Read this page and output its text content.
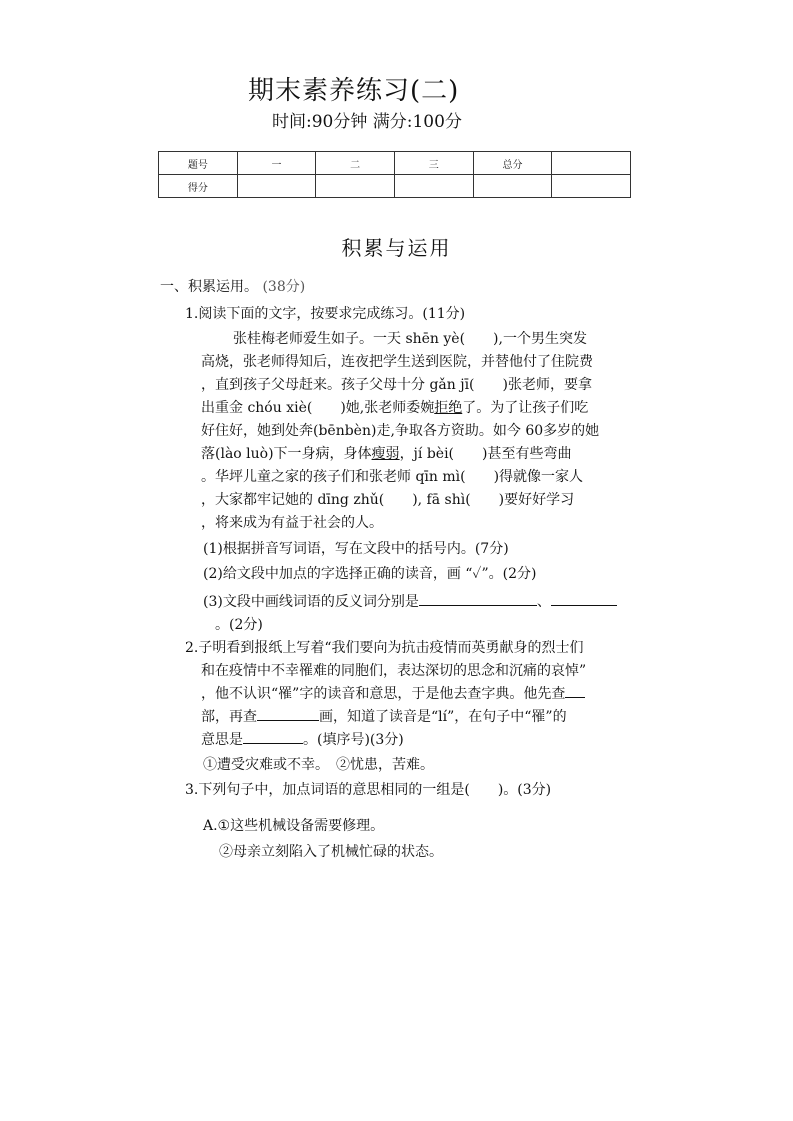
期末素养练习(二)
时间:90分钟 满分:100分
题号	一	二	三	总分	
得分					
积累与运用
一、积累运用。 (38分)
1.阅读下面的文字，按要求完成练习。(11分)
张桂梅老师爱生如子。一天 shēn yè(　　),一个男生突发
高烧，张老师得知后，连夜把学生送到医院，并替他付了住院费
，直到孩子父母赶来。孩子父母十分 gǎn jī(　　)张老师，要拿
出重金 chóu xiè(　　)她,张老师委婉拒绝了。为了让孩子们吃
好住好，她到处奔(bēnbèn)走,争取各方资助。如今 60多岁的她
落(lào luò)下一身病，身体瘦弱，jí bèi(　　)甚至有些弯曲
。华坪儿童之家的孩子们和张老师 qīn mì(　　)得就像一家人
，大家都牢记她的 dīng zhǔ(　　), fā shì(　　)要好好学习
，将来成为有益于社会的人。
(1)根据拼音写词语，写在文段中的括号内。(7分)
(2)给文段中加点的字选择正确的读音，画 “✓”。(2分)
(3)文段中画线词语的反义词分别是	、
。(2分)
2.子明看到报纸上写着“我们要向为抗击疫情而英勇献身的烈士们
和在疫情中不幸罹难的同胞们，表达深切的思念和沉痛的哀悼”
，他不认识“罹”字的读音和意思，于是他去查字典。他先查
部，再查	画，知道了读音是“lí”，在句子中“罹”的
意思是	。(填序号)(3分)
①遭受灾难或不幸。　②忧患，苦难。
3.下列句子中，加点词语的意思相同的一组是(　　)。(3分)
A.①这些机械设备需要修理。
②母亲立刻陷入了机械忙碌的状态。
